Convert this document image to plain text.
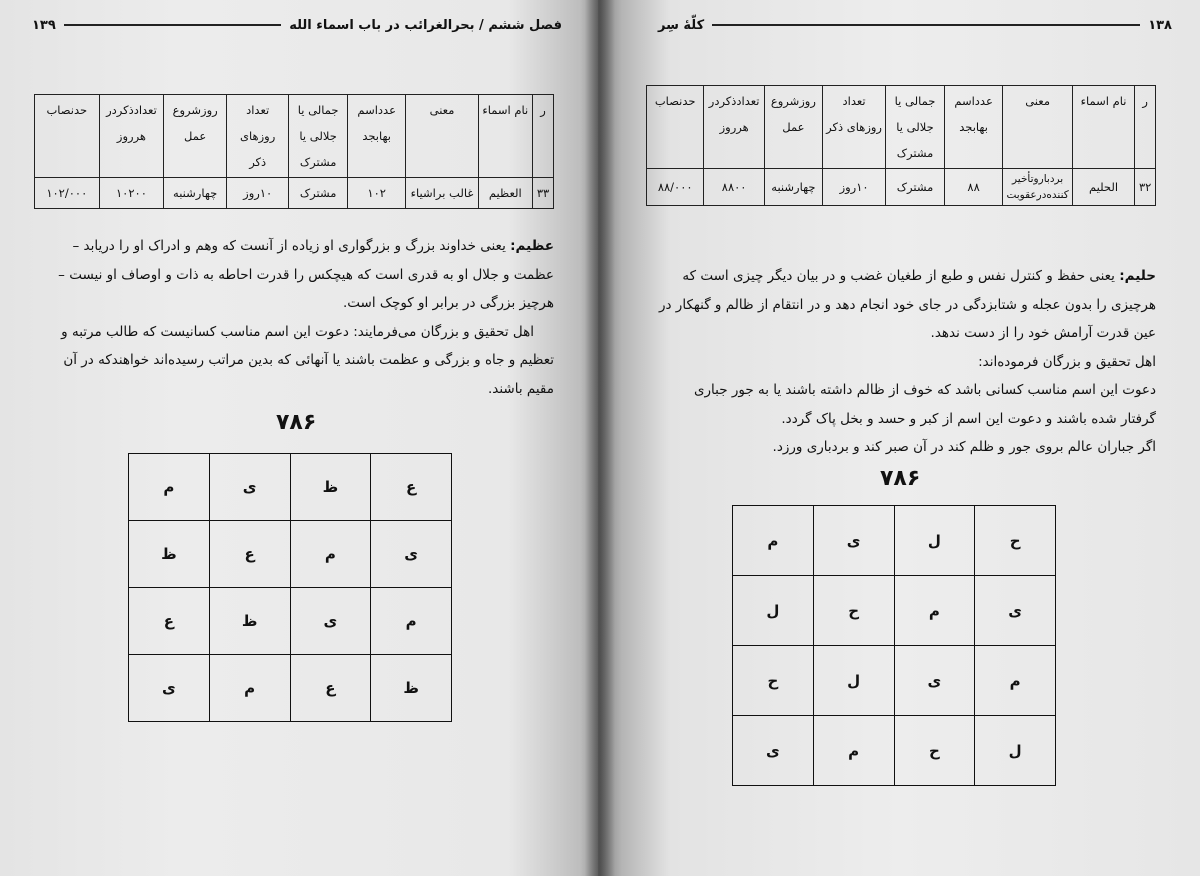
فصل ششم / بحرالغرائب در باب اسماء الله
۱۳۹
ر	نام اسماء	معنی	عدداسم بهابجد	جمالی یا جلالی یا مشترک	تعداد روزهای ذکر	روزشروع عمل	تعدادذکردر هرروز	حدنصاب
۳۳	العظیم	غالب براشیاء	۱۰۲	مشترک	۱۰روز	چهارشنبه	۱۰۲۰۰	۱۰۲/۰۰۰
عظیم: یعنی خداوند بزرگ و بزرگواری او زیاده از آنست که وهم و ادراک او را دریابد –
عظمت و جلال او به قدری است که هیچکس را قدرت احاطه به ذات و اوصاف او نیست –
هرچیز بزرگی در برابر او کوچک است.
اهل تحقیق و بزرگان می‌فرمایند: دعوت این اسم مناسب کسانیست که طالب مرتبه و
تعظیم و جاه و بزرگی و عظمت باشند یا آنهائی که بدین مراتب رسیده‌اند خواهندکه در آن
مقیم باشند.
۷۸۶
ع	ظ	ی	م
ی	م	ع	ظ
م	ی	ظ	ع
ظ	ع	م	ی
۱۳۸
کلّهٔ سِر
ر	نام اسماء	معنی	عدداسم بهابجد	جمالی یا جلالی یا مشترک	تعداد روزهای ذکر	روزشروع عمل	تعدادذکردر هرروز	حدنصاب
۳۲	الحلیم	بردباروتأخیر کننده‌درعقوبت	۸۸	مشترک	۱۰روز	چهارشنبه	۸۸۰۰	۸۸/۰۰۰
حلیم: یعنی حفظ و کنترل نفس و طبع از طغیان غضب و در بیان دیگر چیزی است که
هرچیزی را بدون عجله و شتابزدگی در جای خود انجام دهد و در انتقام از ظالم و گنهکار در
عین قدرت آرامش خود را از دست ندهد.
اهل تحقیق و بزرگان فرموده‌اند:
دعوت این اسم مناسب کسانی باشد که خوف از ظالم داشته باشند یا به جور جباری
گرفتار شده باشند و دعوت این اسم از کبر و حسد و بخل پاک گردد.
اگر جباران عالم بروی جور و ظلم کند در آن صبر کند و بردباری ورزد.
۷۸۶
ح	ل	ی	م
ی	م	ح	ل
م	ی	ل	ح
ل	ح	م	ی
